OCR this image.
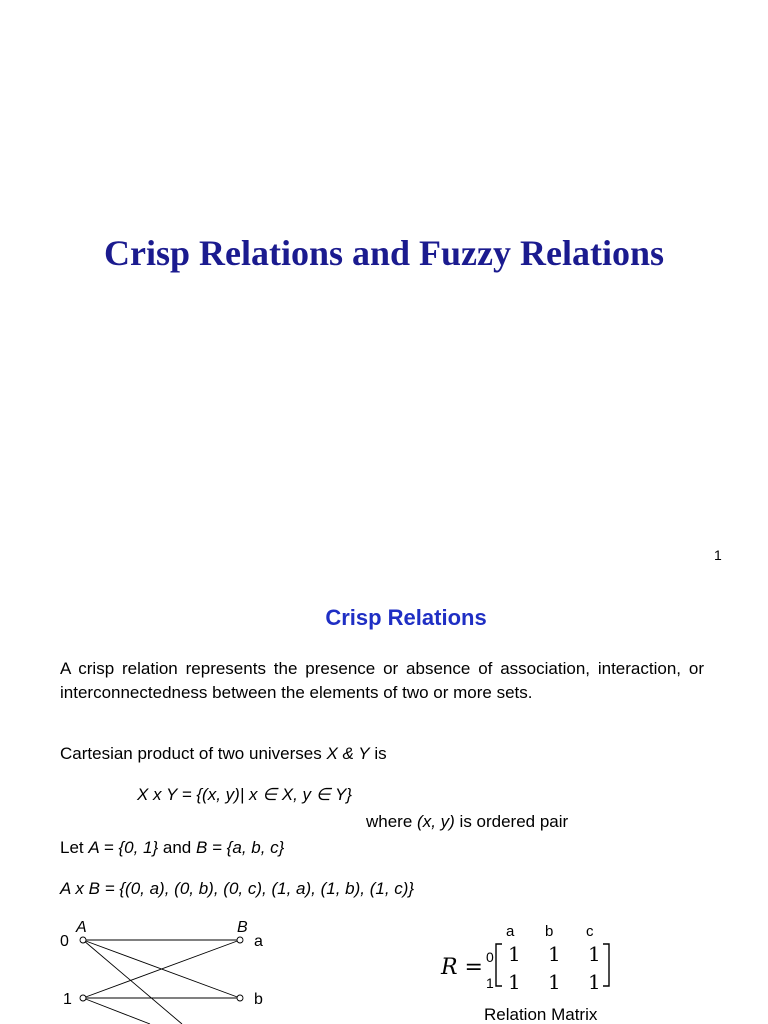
Crisp Relations and Fuzzy Relations
1
Crisp Relations
A crisp relation represents the presence or absence of association, interaction, or interconnectedness between the elements of two or more sets.
Cartesian product of two universes X & Y is
X x Y = {(x, y)| x ∈ X, y ∈ Y}
where (x, y) is ordered pair
Let A = {0, 1} and B = {a, b, c}
A x B = {(0, a), (0, b), (0, c), (1, a), (1, b), (1, c)}
A	B
0
1
a
b
a b c
R = 0
1
1 1 1
1 1 1
Relation Matrix
